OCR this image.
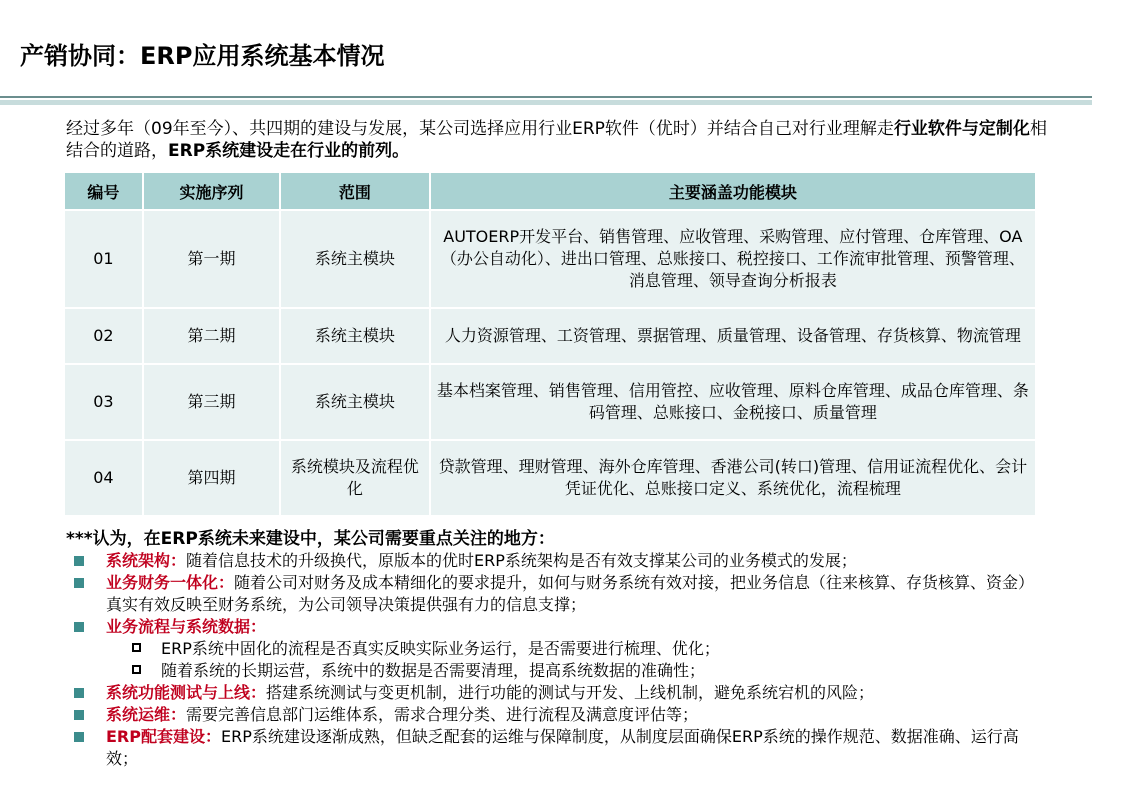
产销协同：ERP应用系统基本情况
经过多年（09年至今）、共四期的建设与发展，某公司选择应用行业ERP软件（优时）并结合自己对行业理解走行业软件与定制化相结合的道路，ERP系统建设走在行业的前列。
编号	实施序列	范围	主要涵盖功能模块
01	第一期	系统主模块	AUTOERP开发平台、销售管理、应收管理、采购管理、应付管理、仓库管理、OA（办公自动化）、进出口管理、总账接口、税控接口、工作流审批管理、预警管理、消息管理、领导查询分析报表
02	第二期	系统主模块	人力资源管理、工资管理、票据管理、质量管理、设备管理、存货核算、物流管理
03	第三期	系统主模块	基本档案管理、销售管理、信用管控、应收管理、原料仓库管理、成品仓库管理、条码管理、总账接口、金税接口、质量管理
04	第四期	系统模块及流程优化	贷款管理、理财管理、海外仓库管理、香港公司(转口)管理、信用证流程优化、会计凭证优化、总账接口定义、系统优化，流程梳理
***认为，在ERP系统未来建设中，某公司需要重点关注的地方：
系统架构：随着信息技术的升级换代，原版本的优时ERP系统架构是否有效支撑某公司的业务模式的发展；
业务财务一体化：随着公司对财务及成本精细化的要求提升，如何与财务系统有效对接，把业务信息（往来核算、存货核算、资金）真实有效反映至财务系统，为公司领导决策提供强有力的信息支撑；
业务流程与系统数据：
ERP系统中固化的流程是否真实反映实际业务运行，是否需要进行梳理、优化；
随着系统的长期运营，系统中的数据是否需要清理，提高系统数据的准确性；
系统功能测试与上线：搭建系统测试与变更机制，进行功能的测试与开发、上线机制，避免系统宕机的风险；
系统运维：需要完善信息部门运维体系，需求合理分类、进行流程及满意度评估等；
ERP配套建设：ERP系统建设逐渐成熟，但缺乏配套的运维与保障制度，从制度层面确保ERP系统的操作规范、数据准确、运行高效；
